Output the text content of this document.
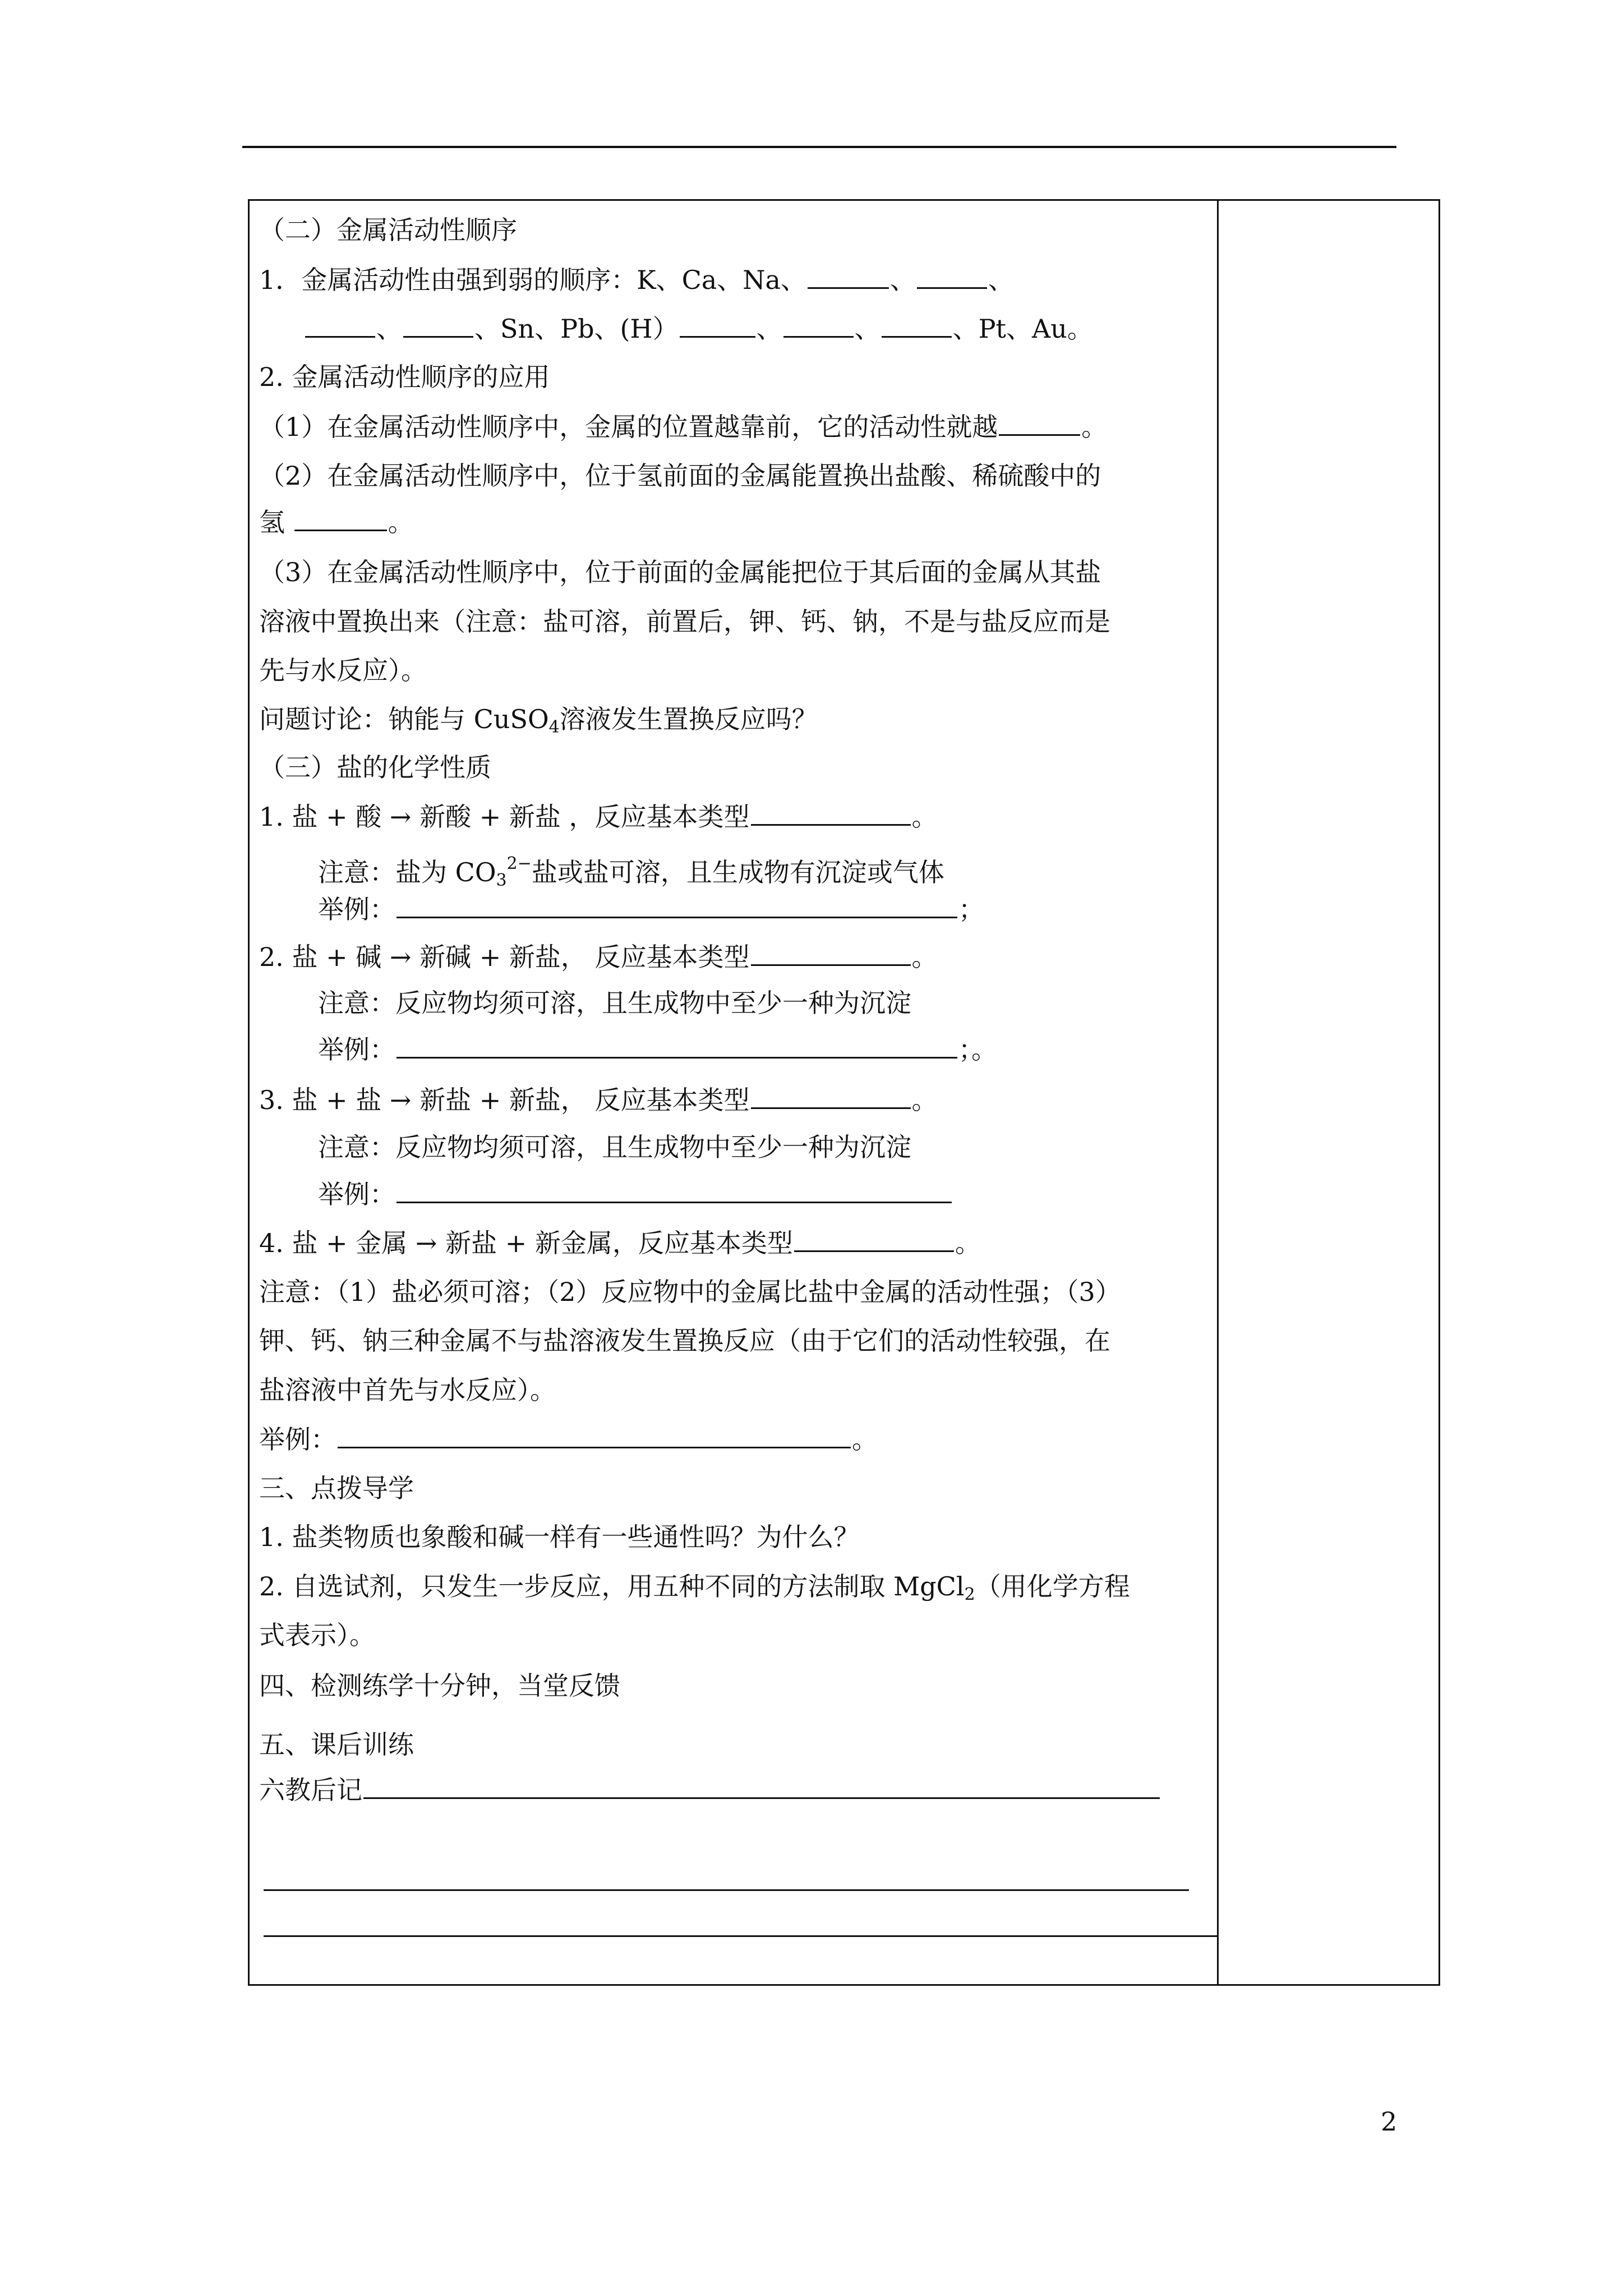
（二）金属活动性顺序
1．金属活动性由强到弱的顺序：K、Ca、Na、	、	、
、	、Sn、Pb、(H）	、	、	、Pt、Au。
2. 金属活动性顺序的应用
（1）在金属活动性顺序中，金属的位置越靠前，它的活动性就越	。
（2）在金属活动性顺序中，位于氢前面的金属能置换出盐酸、稀硫酸中的
氢	。
（3）在金属活动性顺序中，位于前面的金属能把位于其后面的金属从其盐
溶液中置换出来（注意：盐可溶，前置后，钾、钙、钠，不是与盐反应而是
先与水反应）。
问题讨论：钠能与 CuSO$_4$溶液发生置换反应吗？
（三）盐的化学性质
1. 盐 + 酸 → 新酸 + 新盐 ，反应基本类型	。
注意：盐为 $CO_3^{2-}$盐或盐可溶，且生成物有沉淀或气体
举例：	；
2. 盐 + 碱 → 新碱 + 新盐， 反应基本类型	。
注意：反应物均须可溶，且生成物中至少一种为沉淀
举例：	；。
3. 盐 + 盐 → 新盐 + 新盐， 反应基本类型	。
注意：反应物均须可溶，且生成物中至少一种为沉淀
举例：
4. 盐 + 金属 → 新盐 + 新金属，反应基本类型	。
注意：（1）盐必须可溶；（2）反应物中的金属比盐中金属的活动性强；（3）
钾、钙、钠三种金属不与盐溶液发生置换反应（由于它们的活动性较强，在
盐溶液中首先与水反应）。
举例：	。
三、点拨导学
1. 盐类物质也象酸和碱一样有一些通性吗？为什么？
2. 自选试剂，只发生一步反应，用五种不同的方法制取 MgCl$_2$（用化学方程
式表示）。
四、检测练学十分钟，当堂反馈
五、课后训练
六教后记
2
